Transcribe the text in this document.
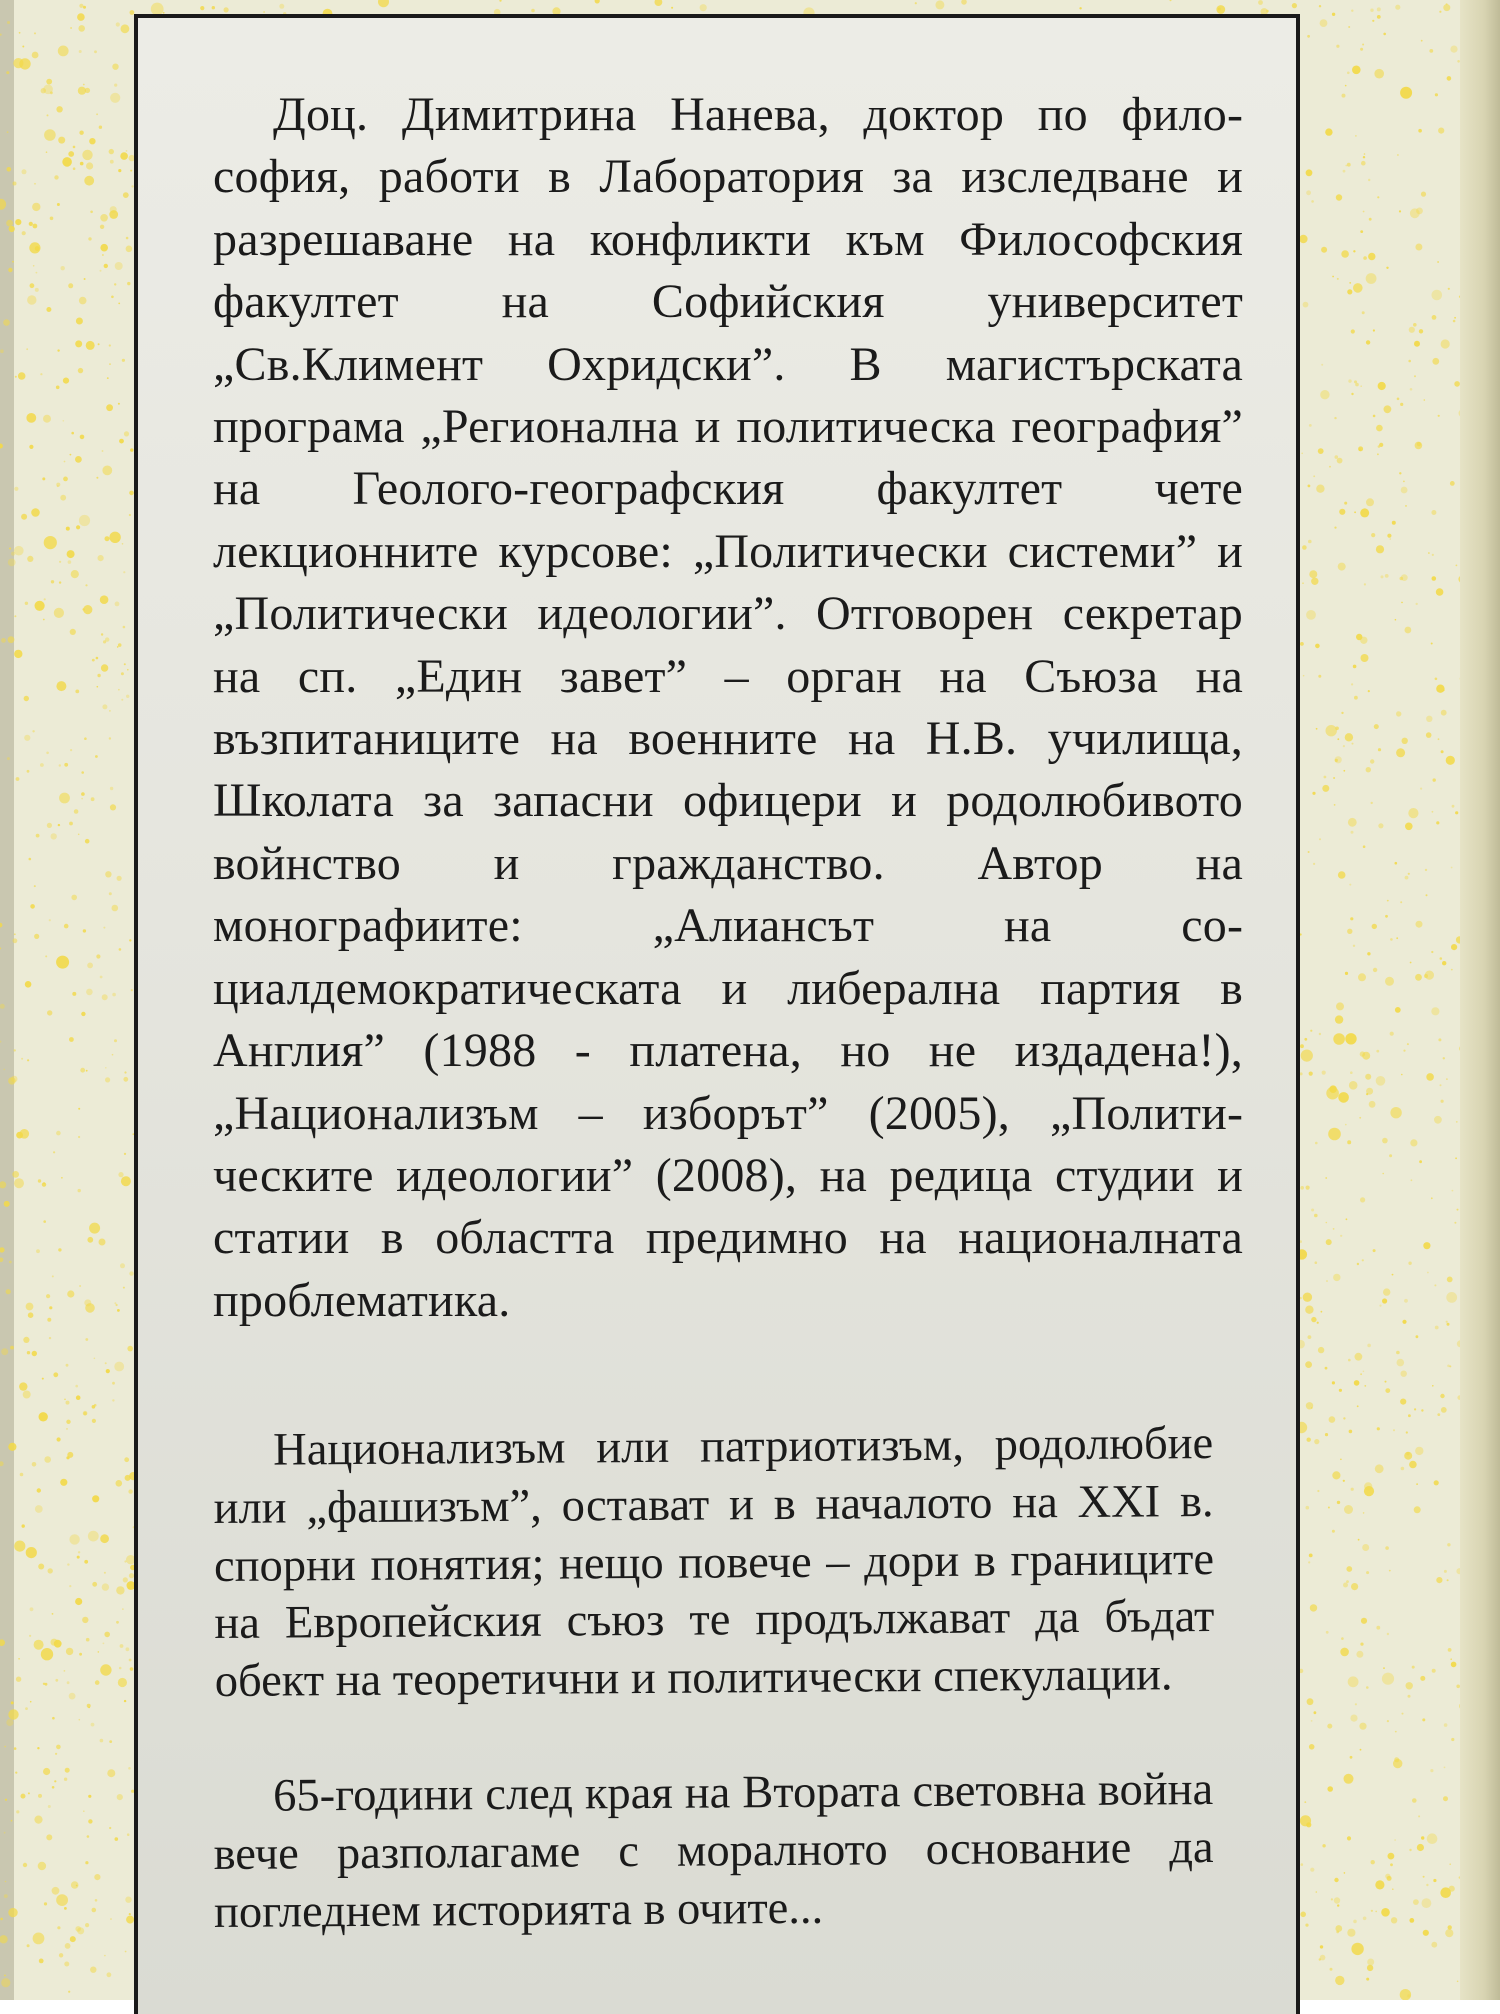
Доц. Димитрина Нанева, доктор по философия, работи в Лаборатория за изследване и разрешаване на конфликти към Философския факултет на Софийския университет „Св.Климент Охридски”. В магистърската програма „Регионална и политическа география” на Геолого-географския факултет чете лекционните курсове: „Политически системи” и „Политически идеологии”. Отговорен секретар на сп. „Един завет” – орган на Съюза на възпитаниците на военните на Н.В. училища, Школата за запасни офицери и родолюбивото войнство и гражданство. Автор на монографиите: „Алиансът на социалдемократическата и либерална партия в Англия” (1988 - платена, но не издадена!), „Национализъм – изборът” (2005), „Политическите идеологии” (2008), на редица студии и статии в областта предимно на националната проблематика.

Национализъм или патриотизъм, родолюбие или „фашизъм”, остават и в началото на XXI в. спорни понятия; нещо повече – дори в границите на Европейския съюз те продължават да бъдат обект на теоретични и политически спекулации.

65-години след края на Втората световна война вече разполагаме с моралното основание да погледнем историята в очите...
